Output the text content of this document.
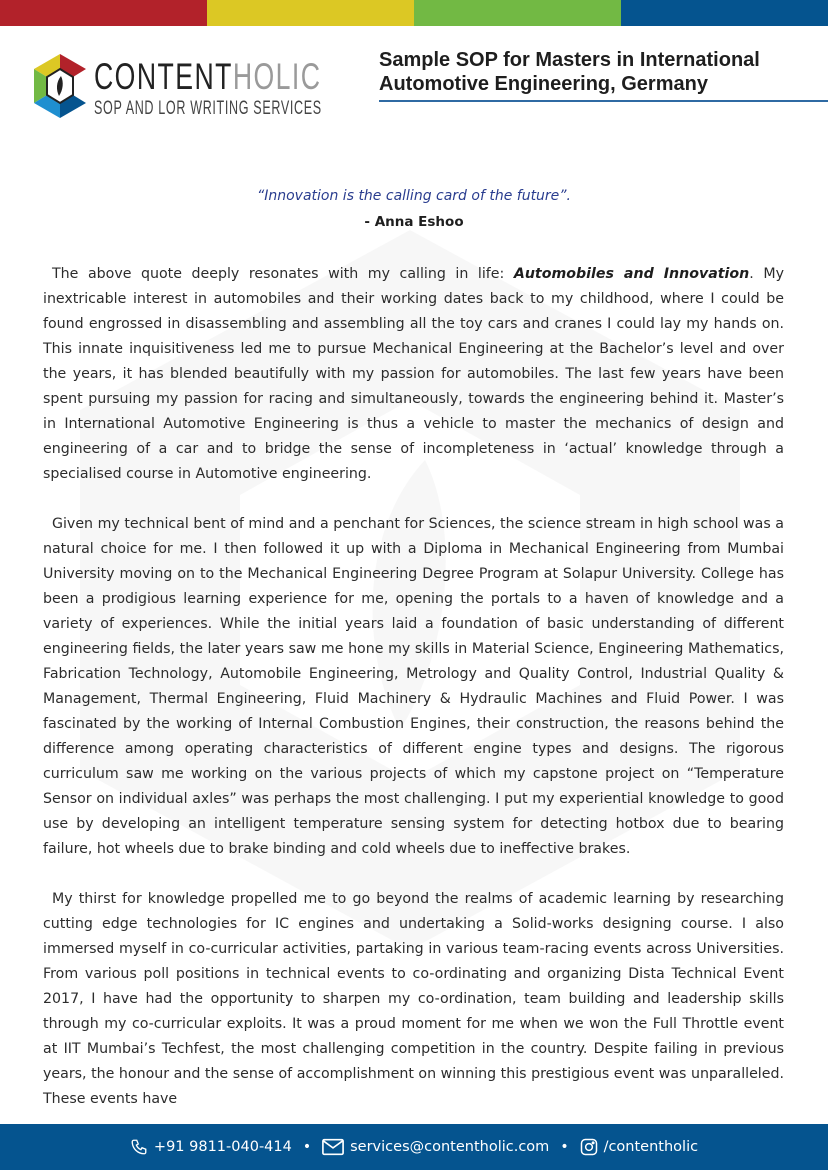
CONTENTHOLIC
SOP AND LOR WRITING SERVICES

Sample SOP for Masters in International

Automotive Engineering, Germany

“Innovation is the calling card of the future”.
- Anna Eshoo

The above quote deeply resonates with my calling in life: Automobiles and Innovation. My inextricable interest in automobiles and their working dates back to my childhood, where I could be found engrossed in disassembling and assembling all the toy cars and cranes I could lay my hands on. This innate inquisitiveness led me to pursue Mechanical Engineering at the Bachelor’s level and over the years, it has blended beautifully with my passion for automobiles. The last few years have been spent pursuing my passion for racing and simultaneously, towards the engineering behind it. Master’s in International Automotive Engineering is thus a vehicle to master the mechanics of design and engineering of a car and to bridge the sense of incompleteness in ‘actual’ knowledge through a specialised course in Automotive engineering.

Given my technical bent of mind and a penchant for Sciences, the science stream in high school was a natural choice for me. I then followed it up with a Diploma in Mechanical Engineering from Mumbai University moving on to the Mechanical Engineering Degree Program at Solapur University. College has been a prodigious learning experience for me, opening the portals to a haven of knowledge and a variety of experiences. While the initial years laid a foundation of basic understanding of different engineering fields, the later years saw me hone my skills in Material Science, Engineering Mathematics, Fabrication Technology, Automobile Engineering, Metrology and Quality Control, Industrial Quality & Management, Thermal Engineering, Fluid Machinery & Hydraulic Machines and Fluid Power. I was fascinated by the working of Internal Combustion Engines, their construction, the reasons behind the difference among operating characteristics of different engine types and designs. The rigorous curriculum saw me working on the various projects of which my capstone project on “Temperature Sensor on individual axles” was perhaps the most challenging. I put my experiential knowledge to good use by developing an intelligent temperature sensing system for detecting hotbox due to bearing failure, hot wheels due to brake binding and cold wheels due to ineffective brakes.

My thirst for knowledge propelled me to go beyond the realms of academic learning by researching cutting edge technologies for IC engines and undertaking a Solid-works designing course. I also immersed myself in co-curricular activities, partaking in various team-racing events across Universities. From various poll positions in technical events to co-ordinating and organizing Dista Technical Event 2017, I have had the opportunity to sharpen my co-ordination, team building and leadership skills through my co-curricular exploits. It was a proud moment for me when we won the Full Throttle event at IIT Mumbai’s Techfest, the most challenging competition in the country. Despite failing in previous years, the honour and the sense of accomplishment on winning this prestigious event was unparalleled. These events have

+91 9811-040-414 •	services@contentholic.com • /contentholic
